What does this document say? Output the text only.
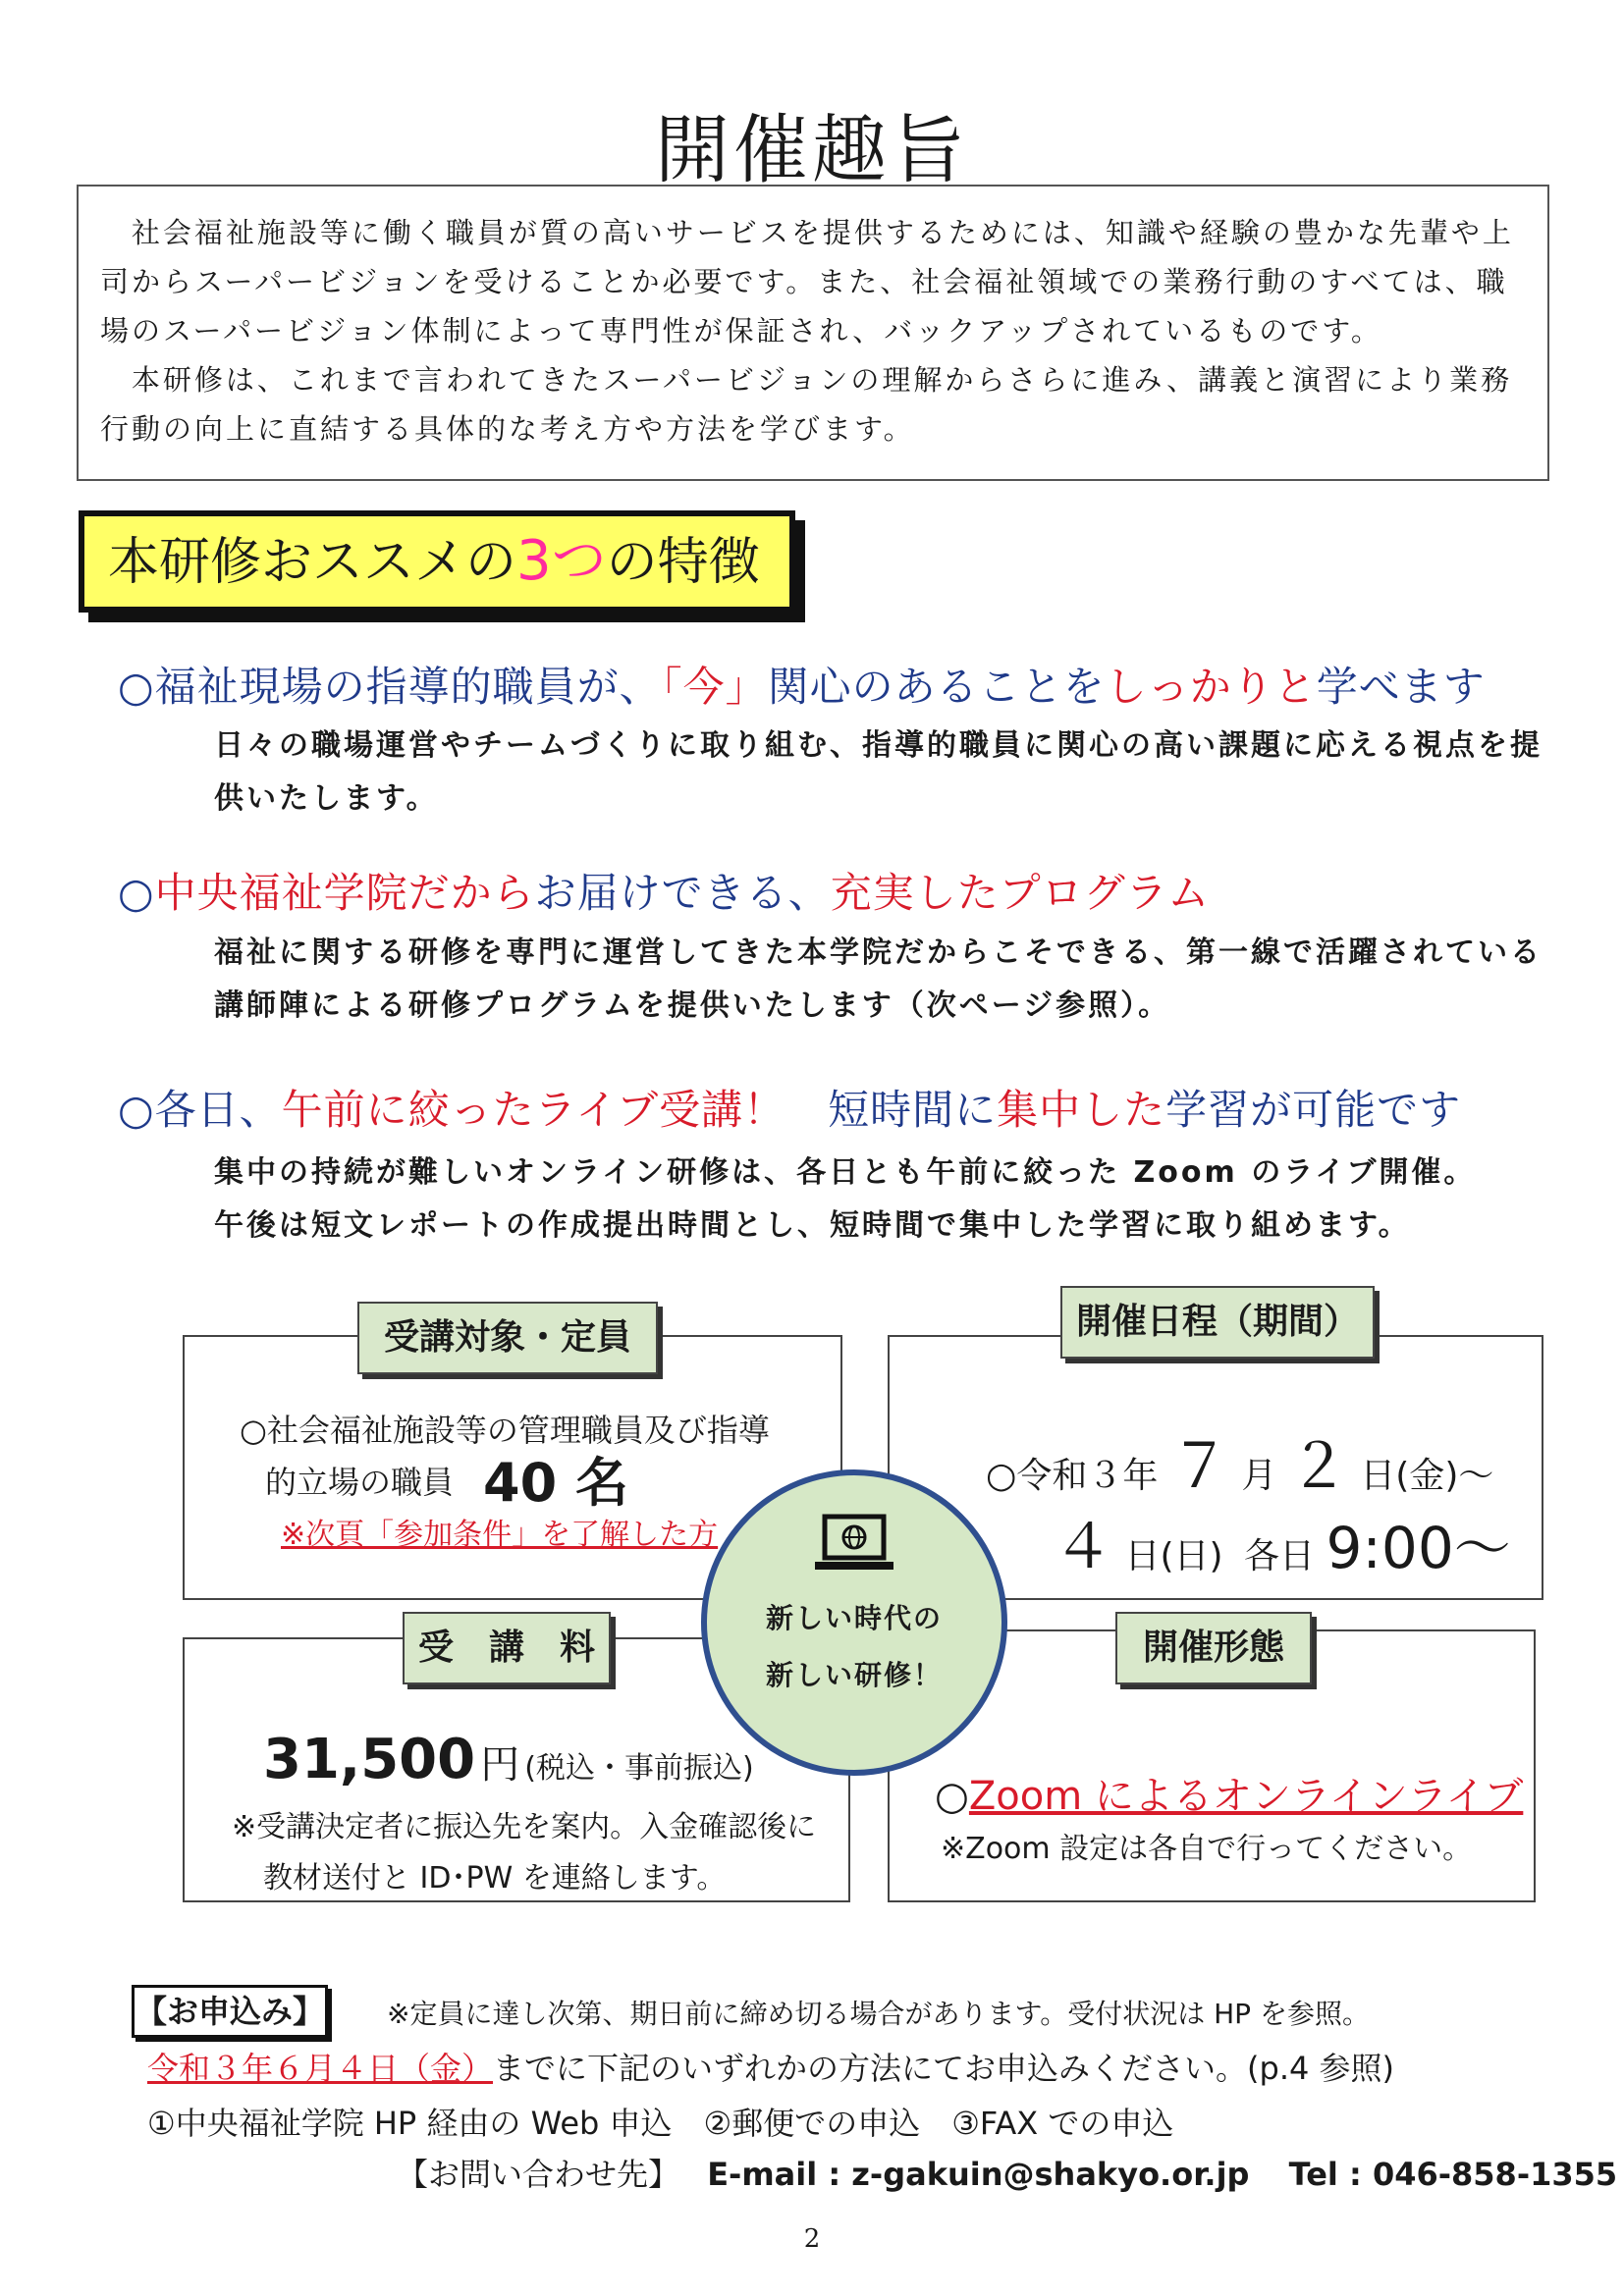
開催趣旨

社会福祉施設等に働く職員が質の高いサービスを提供するためには、知識や経験の豊かな先輩や上司からスーパービジョンを受けることか必要です。また、社会福祉領域での業務行動のすべては、職場のスーパービジョン体制によって専門性が保証され、バックアップされているものです。

本研修は、これまで言われてきたスーパービジョンの理解からさらに進み、講義と演習により業務行動の向上に直結する具体的な考え方や方法を学びます。

本研修おススメの3つの特徴
○福祉現場の指導的職員が、「今」関心のあることをしっかりと学べます
日々の職場運営やチームづくりに取り組む、指導的職員に関心の高い課題に応える視点を提
供いたします。
○中央福祉学院だからお届けできる、充実したプログラム
福祉に関する研修を専門に運営してきた本学院だからこそできる、第一線で活躍されている
講師陣による研修プログラムを提供いたします（次ページ参照）。
○各日、午前に絞ったライブ受講！　短時間に集中した学習が可能です
集中の持続が難しいオンライン研修は、各日とも午前に絞った Zoom のライブ開催。
午後は短文レポートの作成提出時間とし、短時間で集中した学習に取り組めます。
受講対象・定員
○社会福祉施設等の管理職員及び指導
的立場の職員 40 名
※次頁「参加条件」を了解した方
開催日程（期間）
○令和３年 ７ 月 ２ 日(金)～
４ 日(日) 各日 9:00～
受　講　料
31,500 円 (税込・事前振込)
※受講決定者に振込先を案内。入金確認後に
教材送付と ID･PW を連絡します。
開催形態
○Zoom によるオンラインライブ
※Zoom 設定は各自で行ってください。
新しい時代の
新しい研修！
【お申込み】 ※定員に達し次第、期日前に締め切る場合があります。受付状況は HP を参照。
令和３年６月４日（金）までに下記のいずれかの方法にてお申込みください。(p.4 参照)
①中央福祉学院 HP 経由の Web 申込　②郵便での申込　③FAX での申込
【お問い合わせ先】 E-mail : z-gakuin@shakyo.or.jp Tel : 046-858-1355
2
